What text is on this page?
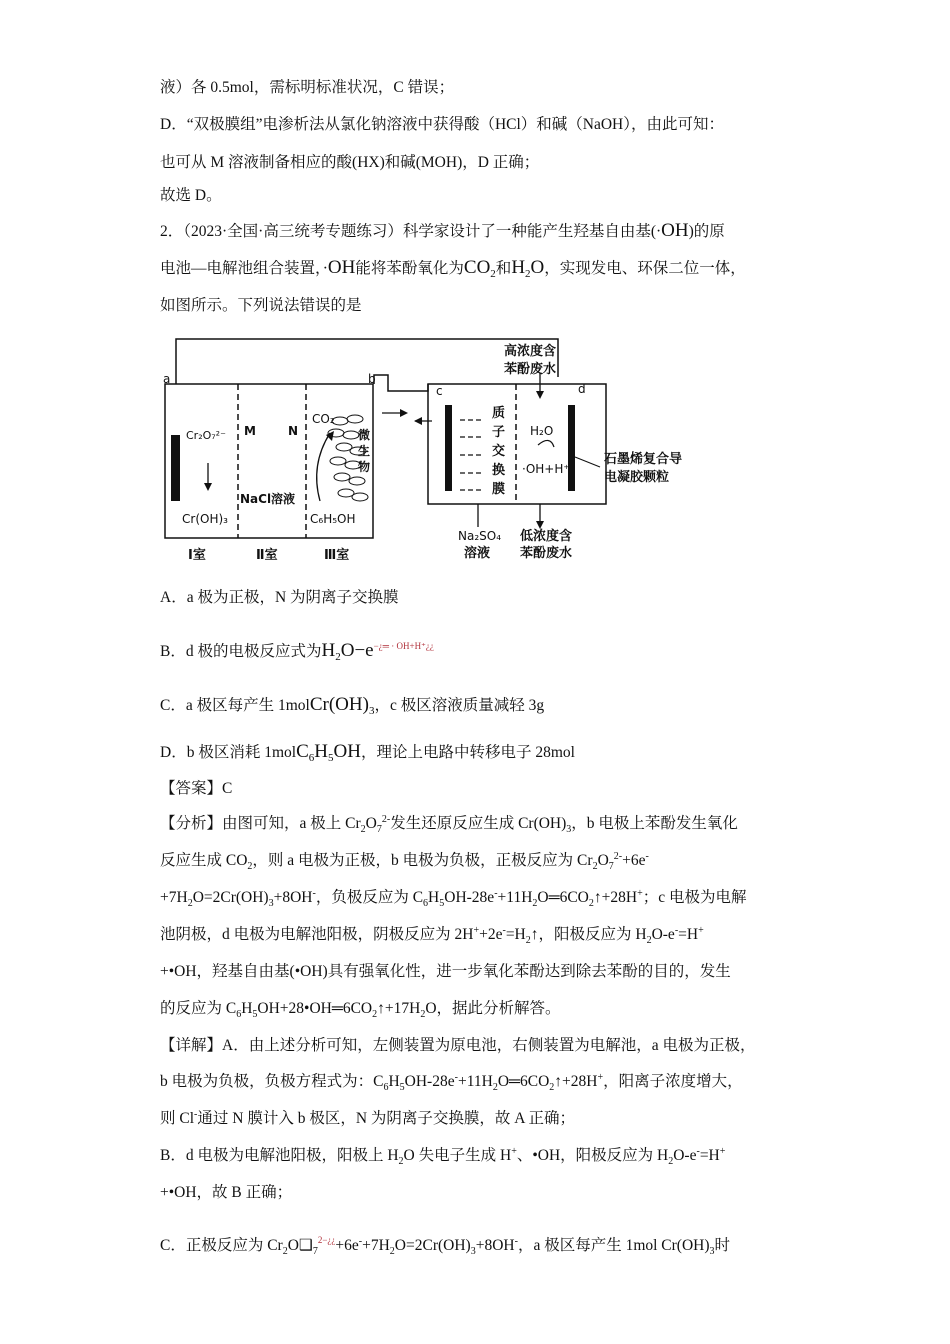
液）各 0.5mol，需标明标准状况，C 错误；
D．“双极膜组”电渗析法从氯化钠溶液中获得酸（HCl）和碱（NaOH），由此可知：
也可从 M 溶液制备相应的酸(HX)和碱(MOH)，D 正确；
故选 D。
2．（2023·全国·高三统考专题练习）科学家设计了一种能产生羟基自由基(·OH)的原
电池—电解池组合装置，·OH能将苯酚氧化为$CO_2$和$H_2O$，实现发电、环保二位一体，
如图所示。下列说法错误的是
a	b
c	d
高浓度含
苯酚废水
Cr₂O₇²⁻ M	N
CO₂
微
生
物
NaCl溶液
Cr(OH)₃	C₆H₅OH
Ⅰ室	Ⅱ室	Ⅲ室
质
子
交
换
膜
H₂O
·OH+H⁺
石墨烯复合导
电凝胶颗粒
Na₂SO₄
溶液
低浓度含
苯酚废水
A．a 极为正极，N 为阴离子交换膜
B．d 极的电极反应式为$H_2O-e^{-¿═ \cdot OH+H^+¿¿}$
C．a 极区每产生 $1molCr(OH)_3$，c 极区溶液质量减轻 3g
D．b 极区消耗 $1molC_6H_5OH$，理论上电路中转移电子 28mol
【答案】C
【分析】由图可知，a 极上 $Cr_2O_7^{2-}$发生还原反应生成 $Cr(OH)_3$，b 电极上苯酚发生氧化
反应生成 $CO_2$，则 a 电极为正极，b 电极为负极，正极反应为 $Cr_2O_7^{2-}+6e^-$
$+7H_2O=2Cr(OH)_3+8OH^-$，负极反应为 $C_6H_5OH-28e^-+11H_2O═6CO_2↑+28H^+$；c 电极为电解
池阴极，d 电极为电解池阳极，阴极反应为 $2H^++2e^-=H_2↑$，阳极反应为 $H_2O-e^-=H^+$
+•OH，羟基自由基(•OH)具有强氧化性，进一步氧化苯酚达到除去苯酚的目的，发生
的反应为 $C_6H_5OH+28•OH═6CO_2↑+17H_2O$，据此分析解答。
【详解】A．由上述分析可知，左侧装置为原电池，右侧装置为电解池，a 电极为正极，
b 电极为负极，负极方程式为：$C_6H_5OH-28e^-+11H_2O═6CO_2↑+28H^+$，阳离子浓度增大，
则 Cl-通过 N 膜计入 b 极区，N 为阴离子交换膜，故 A 正确；
B．d 电极为电解池阳极，阳极上 $H_2O$ 失电子生成 H+、•OH，阳极反应为 $H_2O-e^-=H^+$
+•OH，故 B 正确；
C．正极反应为 $Cr_2O❑_7^{2-¿¿}+6e^-+7H_2O=2Cr(OH)_3+8OH^-$，a 极区每产生 1mol $Cr(OH)_3$时
